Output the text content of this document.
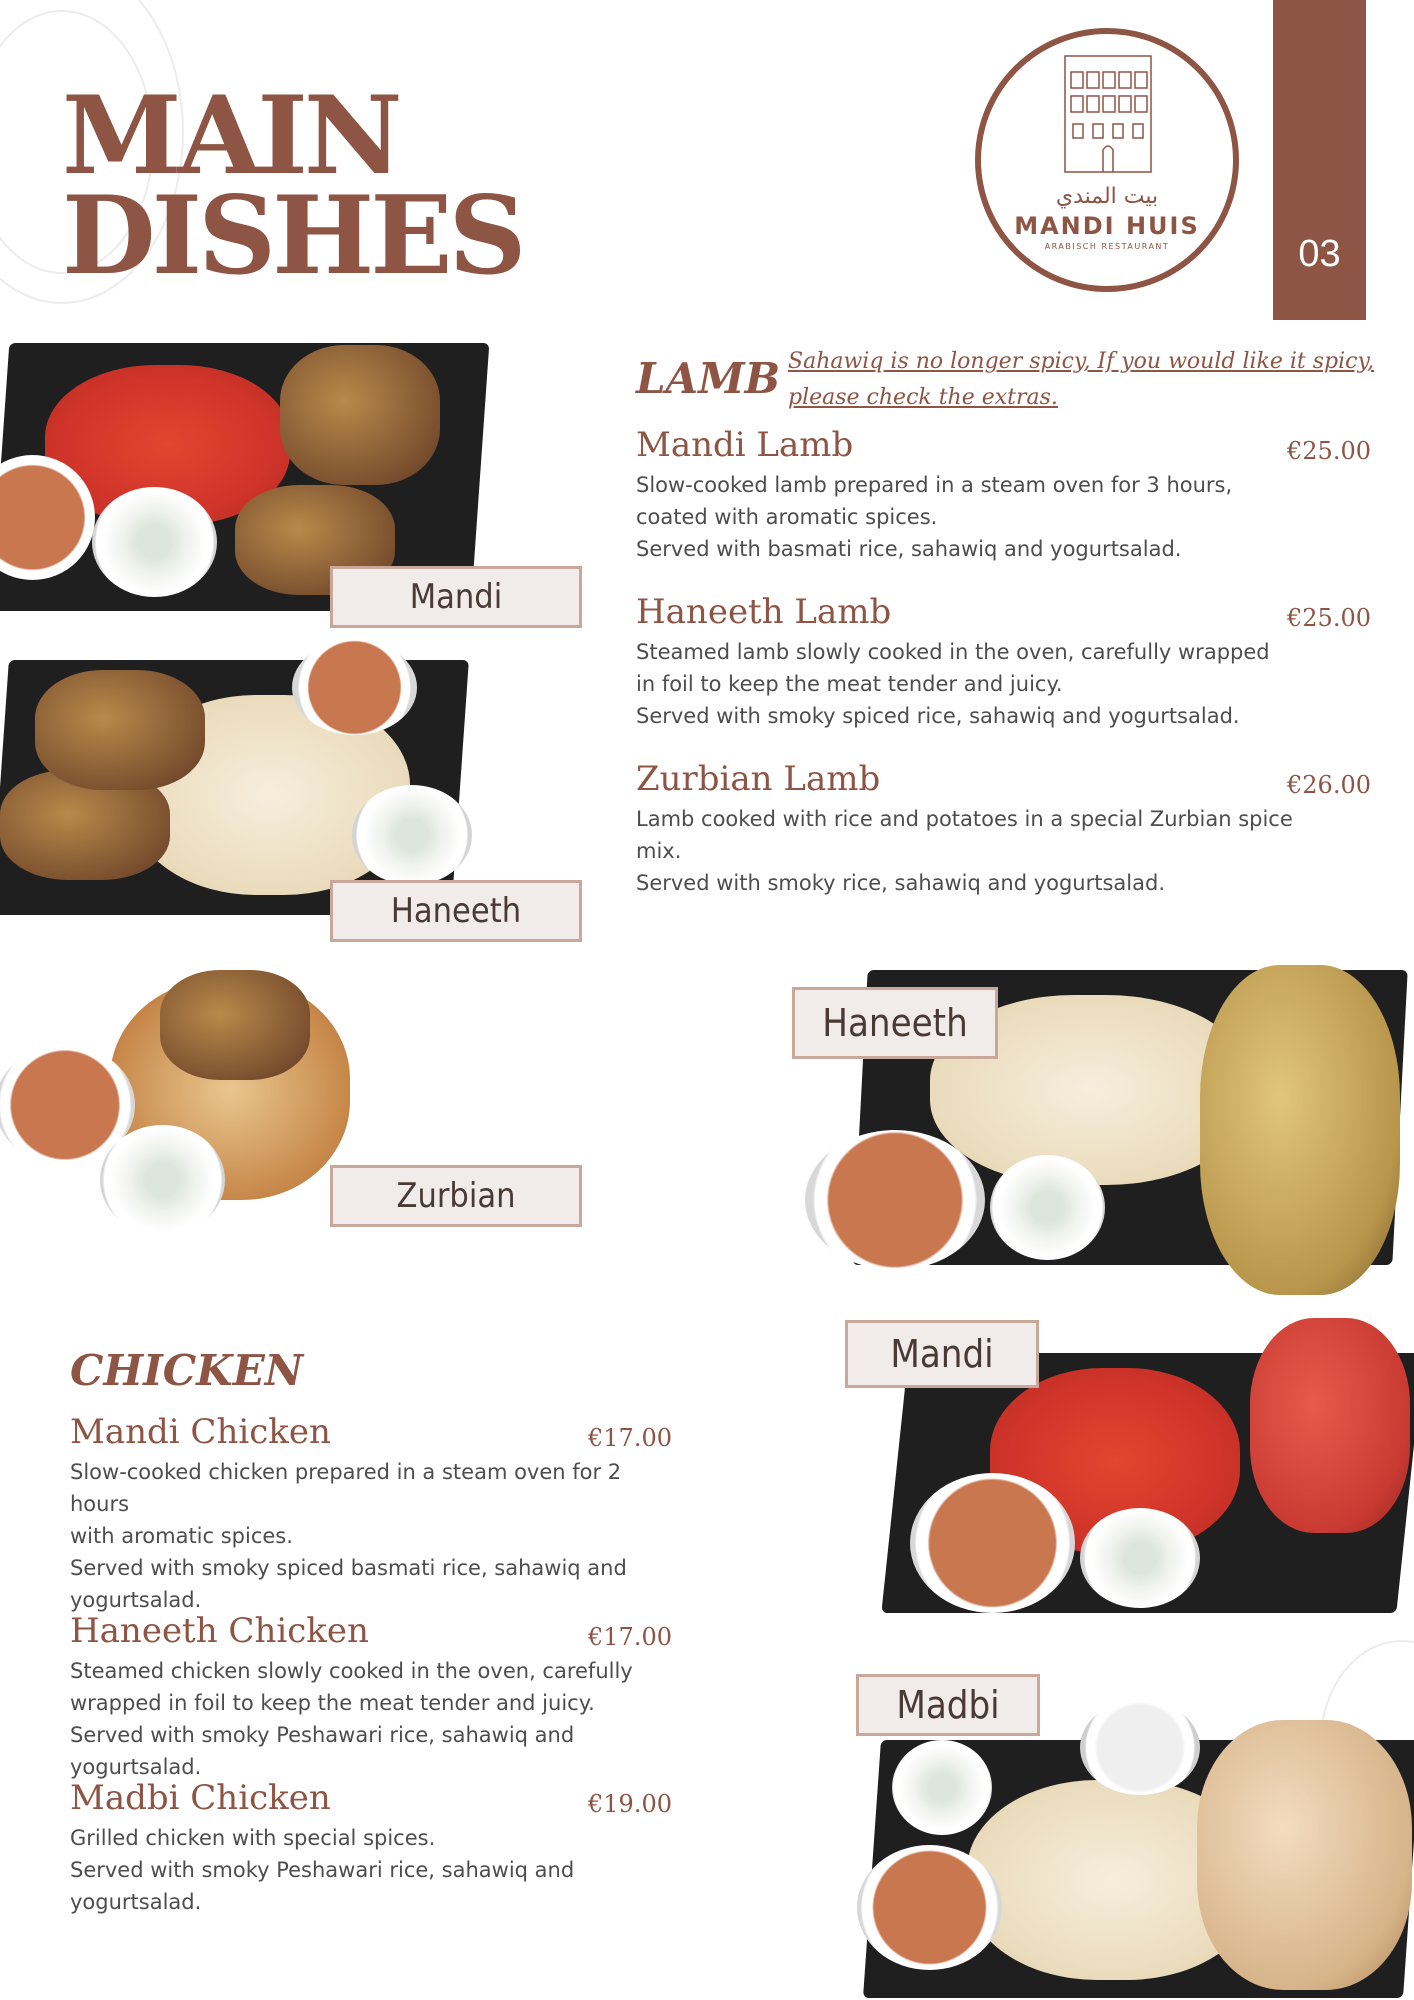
MAIN
DISHES	بيت المندي
MANDI HUIS
ARABISCH RESTAURANT	03
LAMB Sahawiq is no longer spicy, If you would like it spicy, please check the extras.
Mandi Lamb	€25.00
Slow-cooked lamb prepared in a steam oven for 3 hours,
coated with aromatic spices.
Served with basmati rice, sahawiq and yogurtsalad.
Haneeth Lamb	€25.00
Steamed lamb slowly cooked in the oven, carefully wrapped
in foil to keep the meat tender and juicy.
Served with smoky spiced rice, sahawiq and yogurtsalad.
Zurbian Lamb	€26.00
Lamb cooked with rice and potatoes in a special Zurbian spice
mix.
Served with smoky rice, sahawiq and yogurtsalad.
CHICKEN
Mandi Chicken	€17.00
Slow-cooked chicken prepared in a steam oven for 2 hours
with aromatic spices.
Served with smoky spiced basmati rice, sahawiq and
yogurtsalad.
Haneeth Chicken	€17.00
Steamed chicken slowly cooked in the oven, carefully
wrapped in foil to keep the meat tender and juicy.
Served with smoky Peshawari rice, sahawiq and yogurtsalad.
Madbi Chicken	€19.00
Grilled chicken with special spices.
Served with smoky Peshawari rice, sahawiq and yogurtsalad.
Mandi
Haneeth
Zurbian
Haneeth
Mandi
Madbi
